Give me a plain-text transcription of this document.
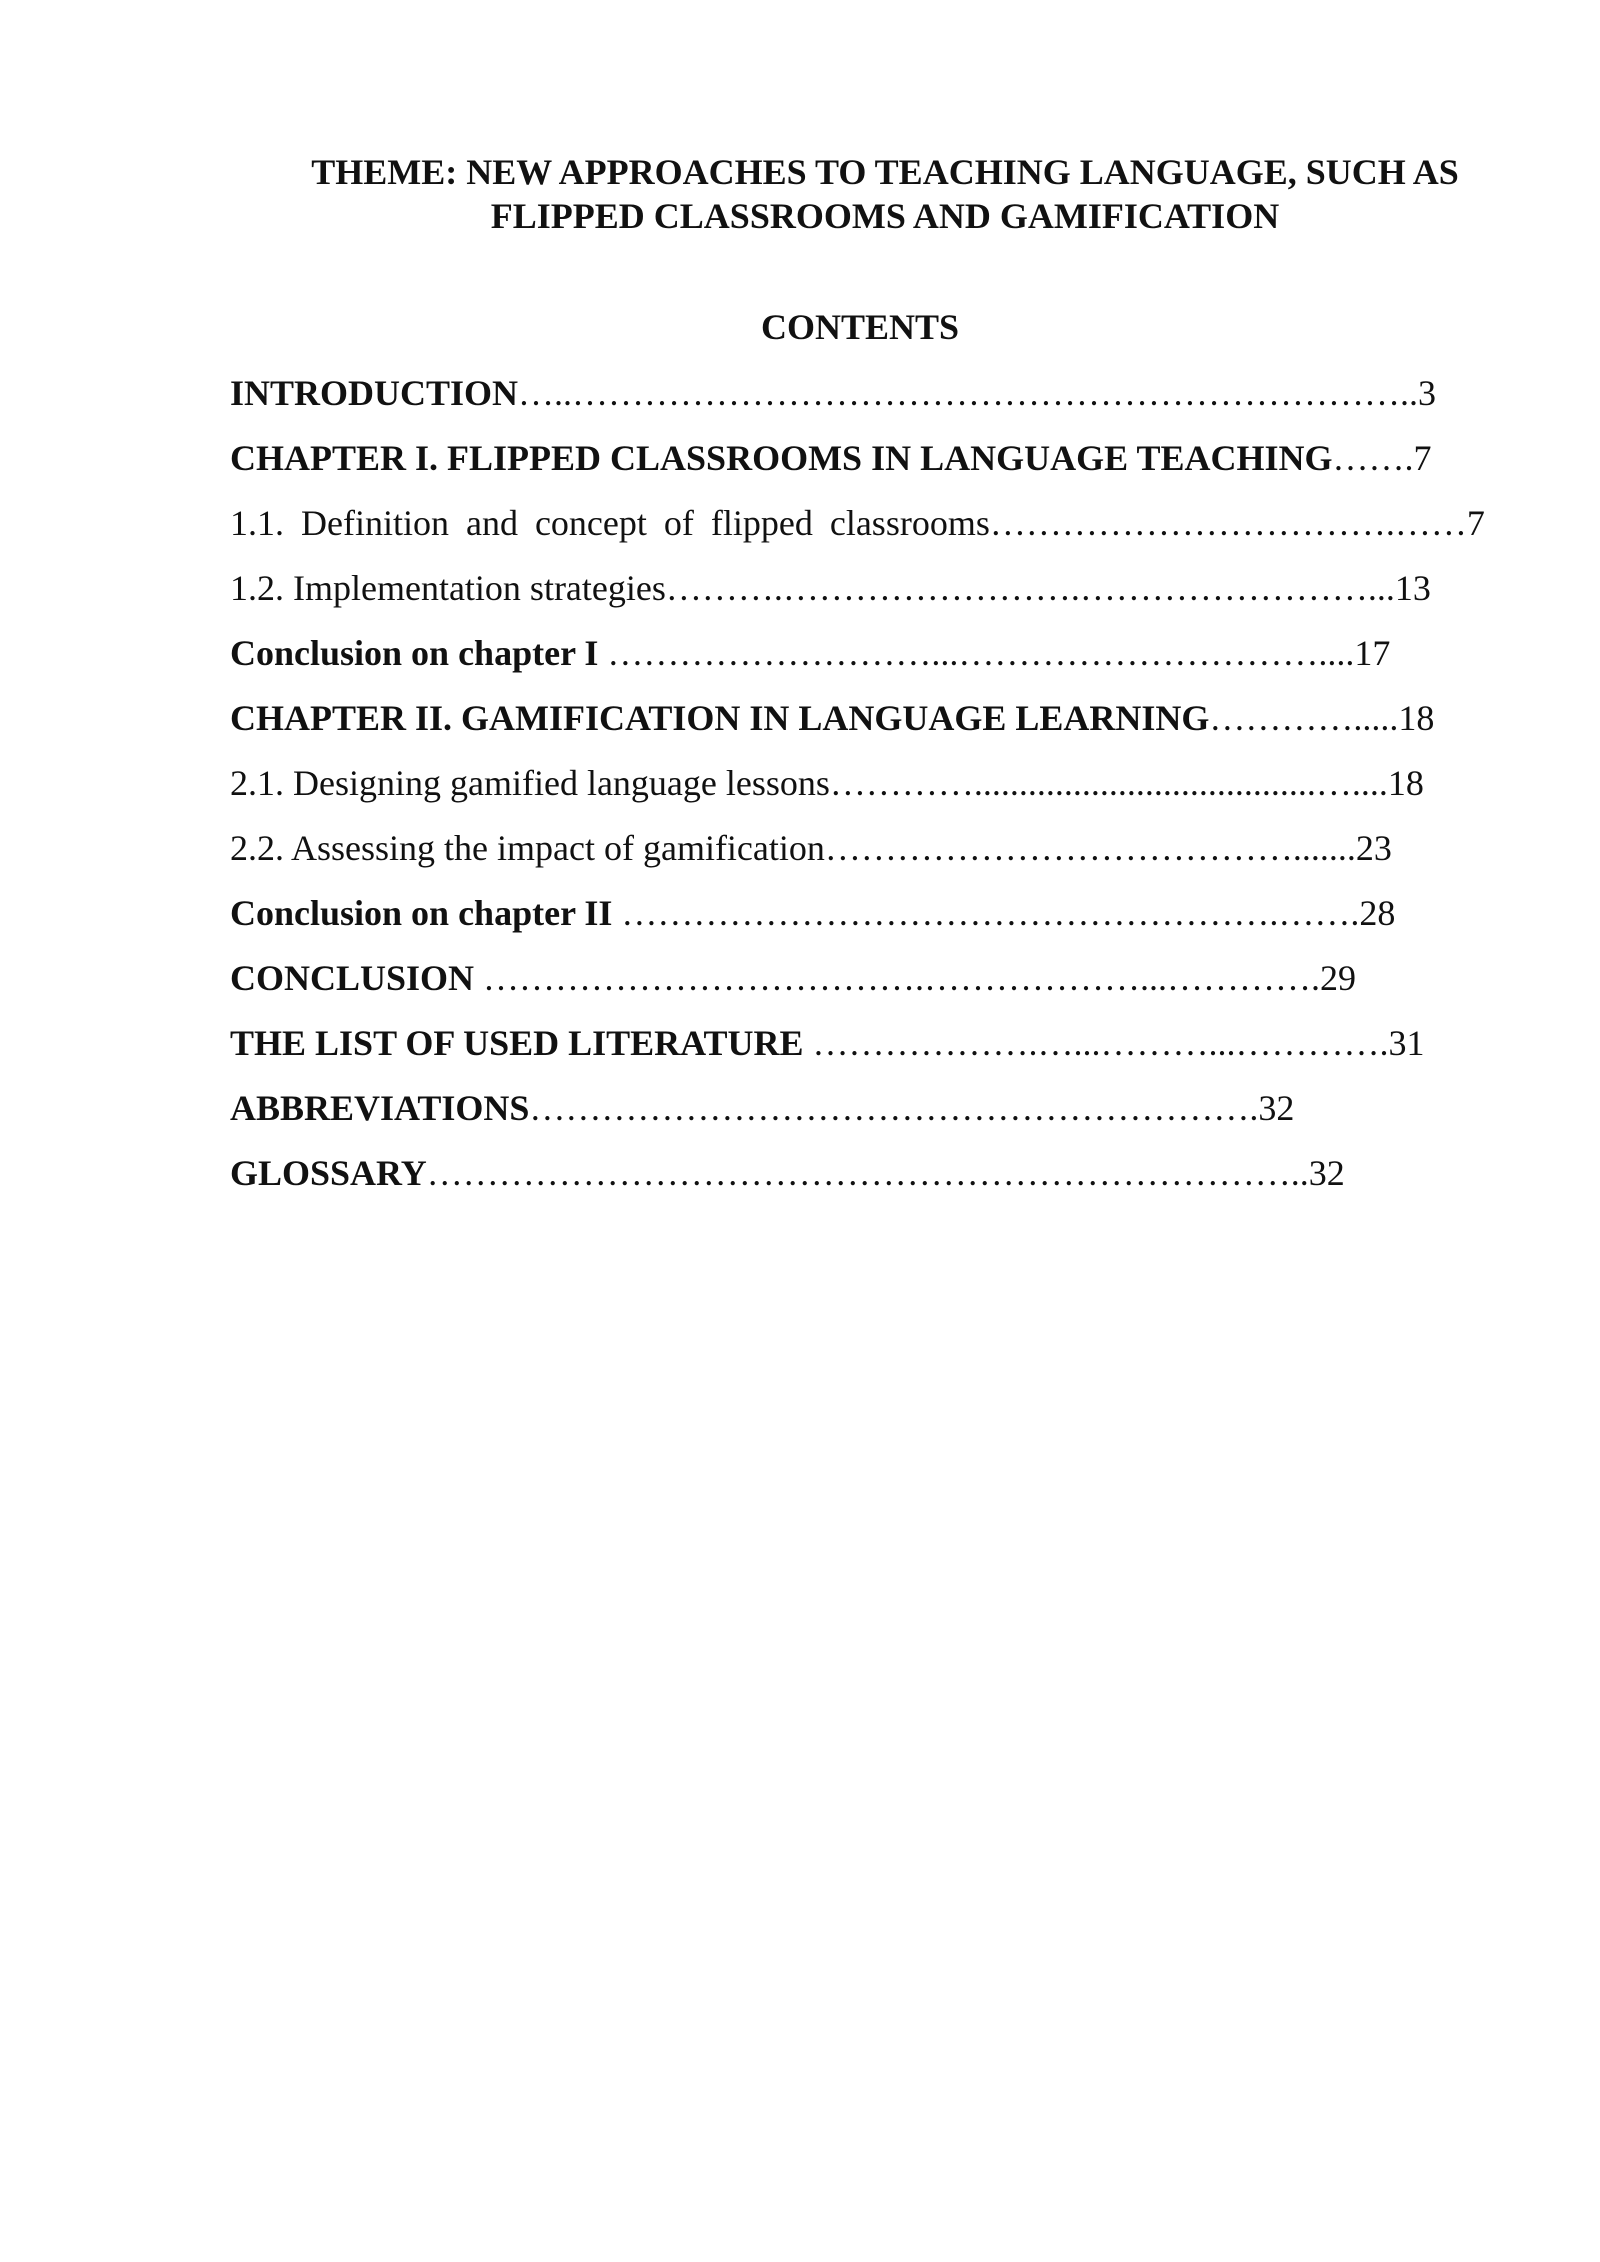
THEME: NEW APPROACHES TO TEACHING LANGUAGE, SUCH AS
FLIPPED CLASSROOMS AND GAMIFICATION
CONTENTS
INTRODUCTION…..……………………………………………………………..3
CHAPTER I. FLIPPED CLASSROOMS IN LANGUAGE TEACHING…….7
1.1. Definition and concept of flipped classrooms…………………………….……7
1.2. Implementation strategies……….…………………….……………………...13
Conclusion on chapter I ………………………...…………………………....17
CHAPTER II. GAMIFICATION IN LANGUAGE LEARNING………….....18
2.1. Designing gamified language lessons…………......................................…....18
2.2. Assessing the impact of gamification………………………………….......23
Conclusion on chapter II ……………………………………………….…….28
CONCLUSION ……………………………….………………...………….29
THE LIST OF USED LITERATURE ……………….…...………...………….31
ABBREVIATIONS…………………………………………………….32
GLOSSARY………………………………………………………………..32
